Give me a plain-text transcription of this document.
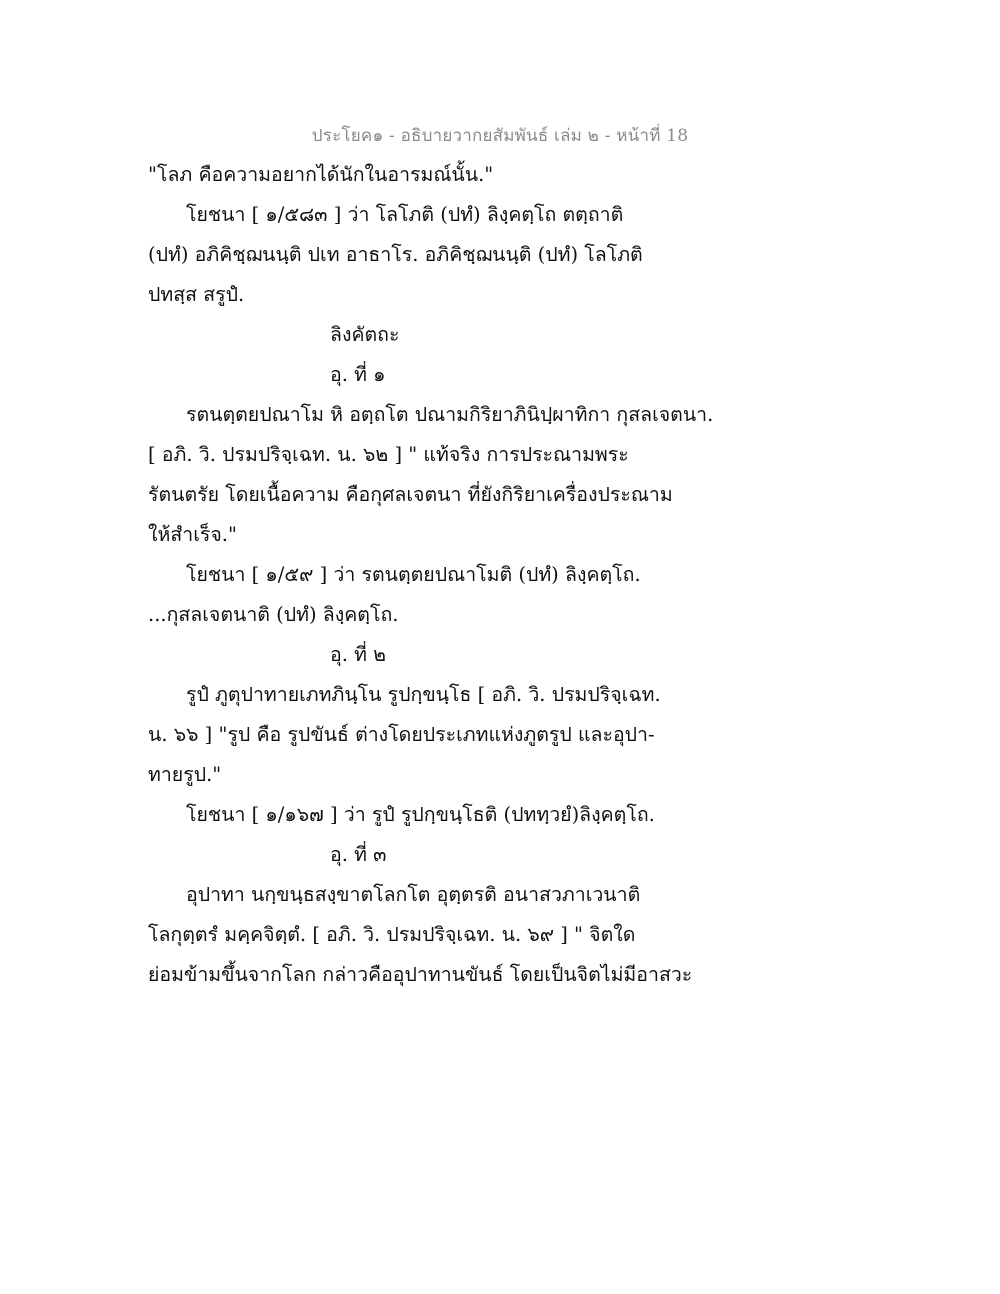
ประโยค๑ - อธิบายวากยสัมพันธ์ เล่ม ๒ - หน้าที่ 18
"โลภ คือความอยากได้นักในอารมณ์นั้น."
โยชนา [ ๑/๕๘๓ ] ว่า โลโภติ (ปทํ) ลิงฺคตฺโถ ตตฺถาติ
(ปทํ) อภิคิชฺฌนนฺติ ปเท อาธาโร. อภิคิชฺฌนนฺติ (ปทํ) โลโภติ
ปทสฺส สรูปํ.
ลิงคัตถะ
อุ. ที่ ๑
รตนตฺตยปณาโม หิ อตฺถโต ปณามกิริยาภินิปฺผาทิกา กุสลเจตนา.
[ อภิ. วิ. ปรมปริจฺเฉท. น. ๖๒ ] " แท้จริง การประณามพระ
รัตนตรัย โดยเนื้อความ คือกุศลเจตนา ที่ยังกิริยาเครื่องประณาม
ให้สำเร็จ."
โยชนา [ ๑/๕๙ ] ว่า รตนตฺตยปณาโมติ (ปทํ) ลิงฺคตฺโถ.
...กุสลเจตนาติ (ปทํ) ลิงฺคตฺโถ.
อุ. ที่ ๒
รูปํ ภูตุปาทายเภทภินฺโน รูปกฺขนฺโธ [ อภิ. วิ. ปรมปริจฺเฉท.
น. ๖๖ ] "รูป คือ รูปขันธ์ ต่างโดยประเภทแห่งภูตรูป และอุปา-
ทายรูป."
โยชนา [ ๑/๑๖๗ ] ว่า รูปํ รูปกฺขนฺโธติ (ปททฺวยํ)ลิงฺคตฺโถ.
อุ. ที่ ๓
อุปาทา นกฺขนฺธสงฺขาตโลกโต อุตฺตรติ อนาสวภาเวนาติ
โลกุตฺตรํ มคฺคจิตฺตํ. [ อภิ. วิ. ปรมปริจฺเฉท. น. ๖๙ ] " จิตใด
ย่อมข้ามขึ้นจากโลก กล่าวคืออุปาทานขันธ์ โดยเป็นจิตไม่มีอาสวะ
